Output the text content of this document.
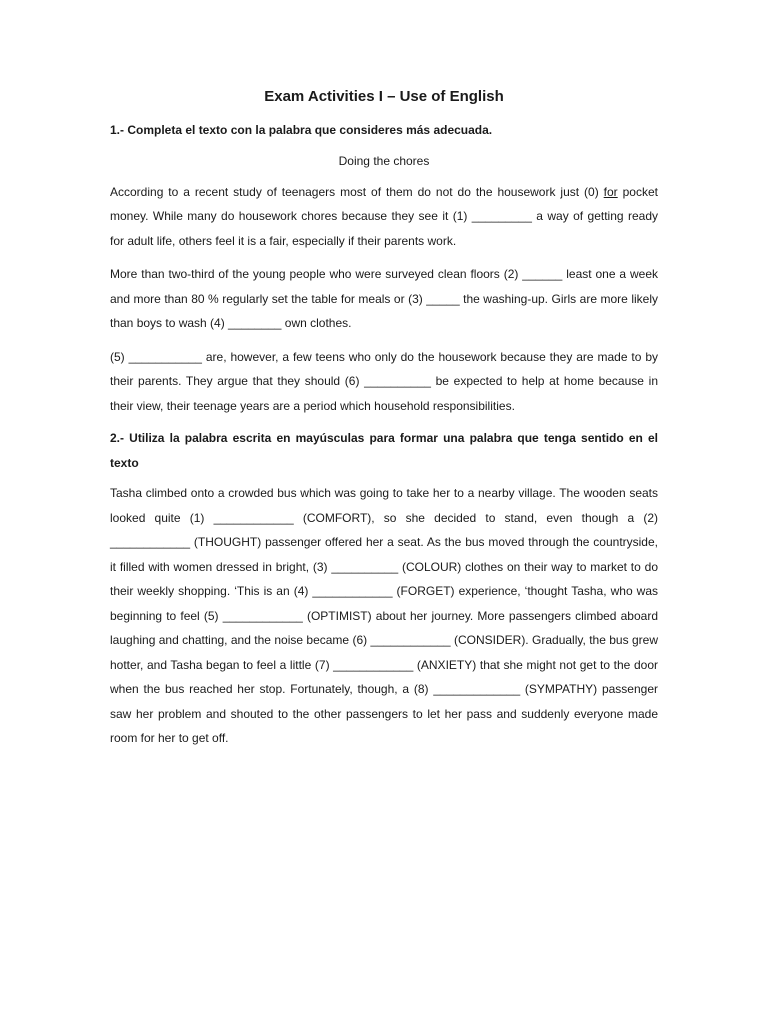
Exam Activities I – Use of English
1.- Completa el texto con la palabra que consideres más adecuada.
Doing the chores

According to a recent study of teenagers most of them do not do the housework just (0) for pocket money. While many do housework chores because they see it (1) _________ a way of getting ready for adult life, others feel it is a fair, especially if their parents work.

More than two-third of the young people who were surveyed clean floors (2) ______ least one a week and more than 80 % regularly set the table for meals or (3) _____ the washing-up. Girls are more likely than boys to wash (4) ________ own clothes.

(5) ___________ are, however, a few teens who only do the housework because they are made to by their parents. They argue that they should (6) __________ be expected to help at home because in their view, their teenage years are a period which household responsibilities.

2.- Utiliza la palabra escrita en mayúsculas para formar una palabra que tenga sentido en el texto

Tasha climbed onto a crowded bus which was going to take her to a nearby village. The wooden seats looked quite (1) ____________ (COMFORT), so she decided to stand, even though a (2) ____________ (THOUGHT) passenger offered her a seat. As the bus moved through the countryside, it filled with women dressed in bright, (3) __________ (COLOUR) clothes on their way to market to do their weekly shopping. ‘This is an (4) ____________ (FORGET) experience, ‘thought Tasha, who was beginning to feel (5) ____________ (OPTIMIST) about her journey. More passengers climbed aboard laughing and chatting, and the noise became (6) ____________ (CONSIDER). Gradually, the bus grew hotter, and Tasha began to feel a little (7) ____________ (ANXIETY) that she might not get to the door when the bus reached her stop. Fortunately, though, a (8) _____________ (SYMPATHY) passenger saw her problem and shouted to the other passengers to let her pass and suddenly everyone made room for her to get off.
